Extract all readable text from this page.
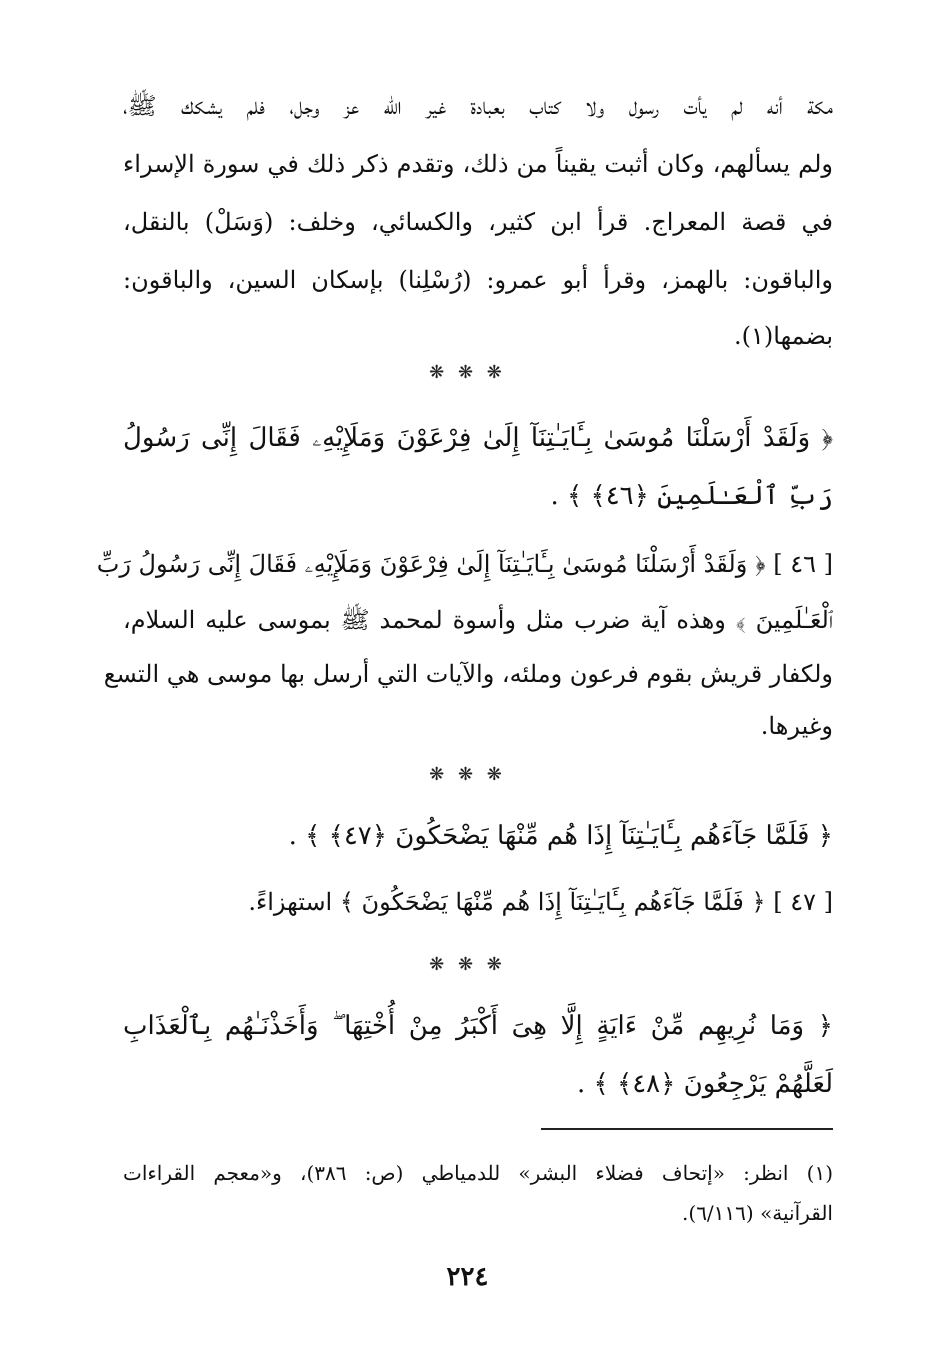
مكة أنه لم يأت رسول ولا كتاب بعبادة غير الله عز وجل، فلم يشكك ﷺ،
ولم يسألهم، وكان أثبت يقيناً من ذلك، وتقدم ذكر ذلك في سورة الإسراء
في قصة المعراج. قرأ ابن كثير، والكسائي، وخلف: (وَسَلْ) بالنقل،
والباقون: بالهمز، وقرأ أبو عمرو: (رُسْلِنا) بإسكان السين، والباقون:
بضمها(١).
❋ ❋ ❋
﴿ وَلَقَدْ أَرْسَلْنَا مُوسَىٰ بِـَٔايَـٰتِنَآ إِلَىٰ فِرْعَوْنَ وَمَلَإِيْهِۦ فَقَالَ إِنِّى رَسُولُ
رَبِّ ٱلْعَـٰلَمِينَ ﴿٤٦﴾ ﴾ .
[ ٤٦ ] ﴿ وَلَقَدْ أَرْسَلْنَا مُوسَىٰ بِـَٔايَـٰتِنَآ إِلَىٰ فِرْعَوْنَ وَمَلَإِيْهِۦ فَقَالَ إِنِّى رَسُولُ رَبِّ
ٱلْعَـٰلَمِينَ ﴾ وهذه آية ضرب مثل وأسوة لمحمد ﷺ بموسى عليه السلام،
ولكفار قريش بقوم فرعون وملئه، والآيات التي أرسل بها موسى هي التسع
وغيرها.
❋ ❋ ❋
﴿ فَلَمَّا جَآءَهُم بِـَٔايَـٰتِنَآ إِذَا هُم مِّنْهَا يَضْحَكُونَ ﴿٤٧﴾ ﴾ .
[ ٤٧ ] ﴿ فَلَمَّا جَآءَهُم بِـَٔايَـٰتِنَآ إِذَا هُم مِّنْهَا يَضْحَكُونَ ﴾ استهزاءً.
❋ ❋ ❋
﴿ وَمَا نُرِيهِم مِّنْ ءَايَةٍ إِلَّا هِىَ أَكْبَرُ مِنْ أُخْتِهَا ۖ وَأَخَذْنَـٰهُم بِٱلْعَذَابِ
لَعَلَّهُمْ يَرْجِعُونَ ﴿٤٨﴾ ﴾ .
(١) انظر: «إتحاف فضلاء البشر» للدمياطي (ص: ٣٨٦)، و«معجم القراءات
القرآنية» (٦/١١٦).
٢٢٤
